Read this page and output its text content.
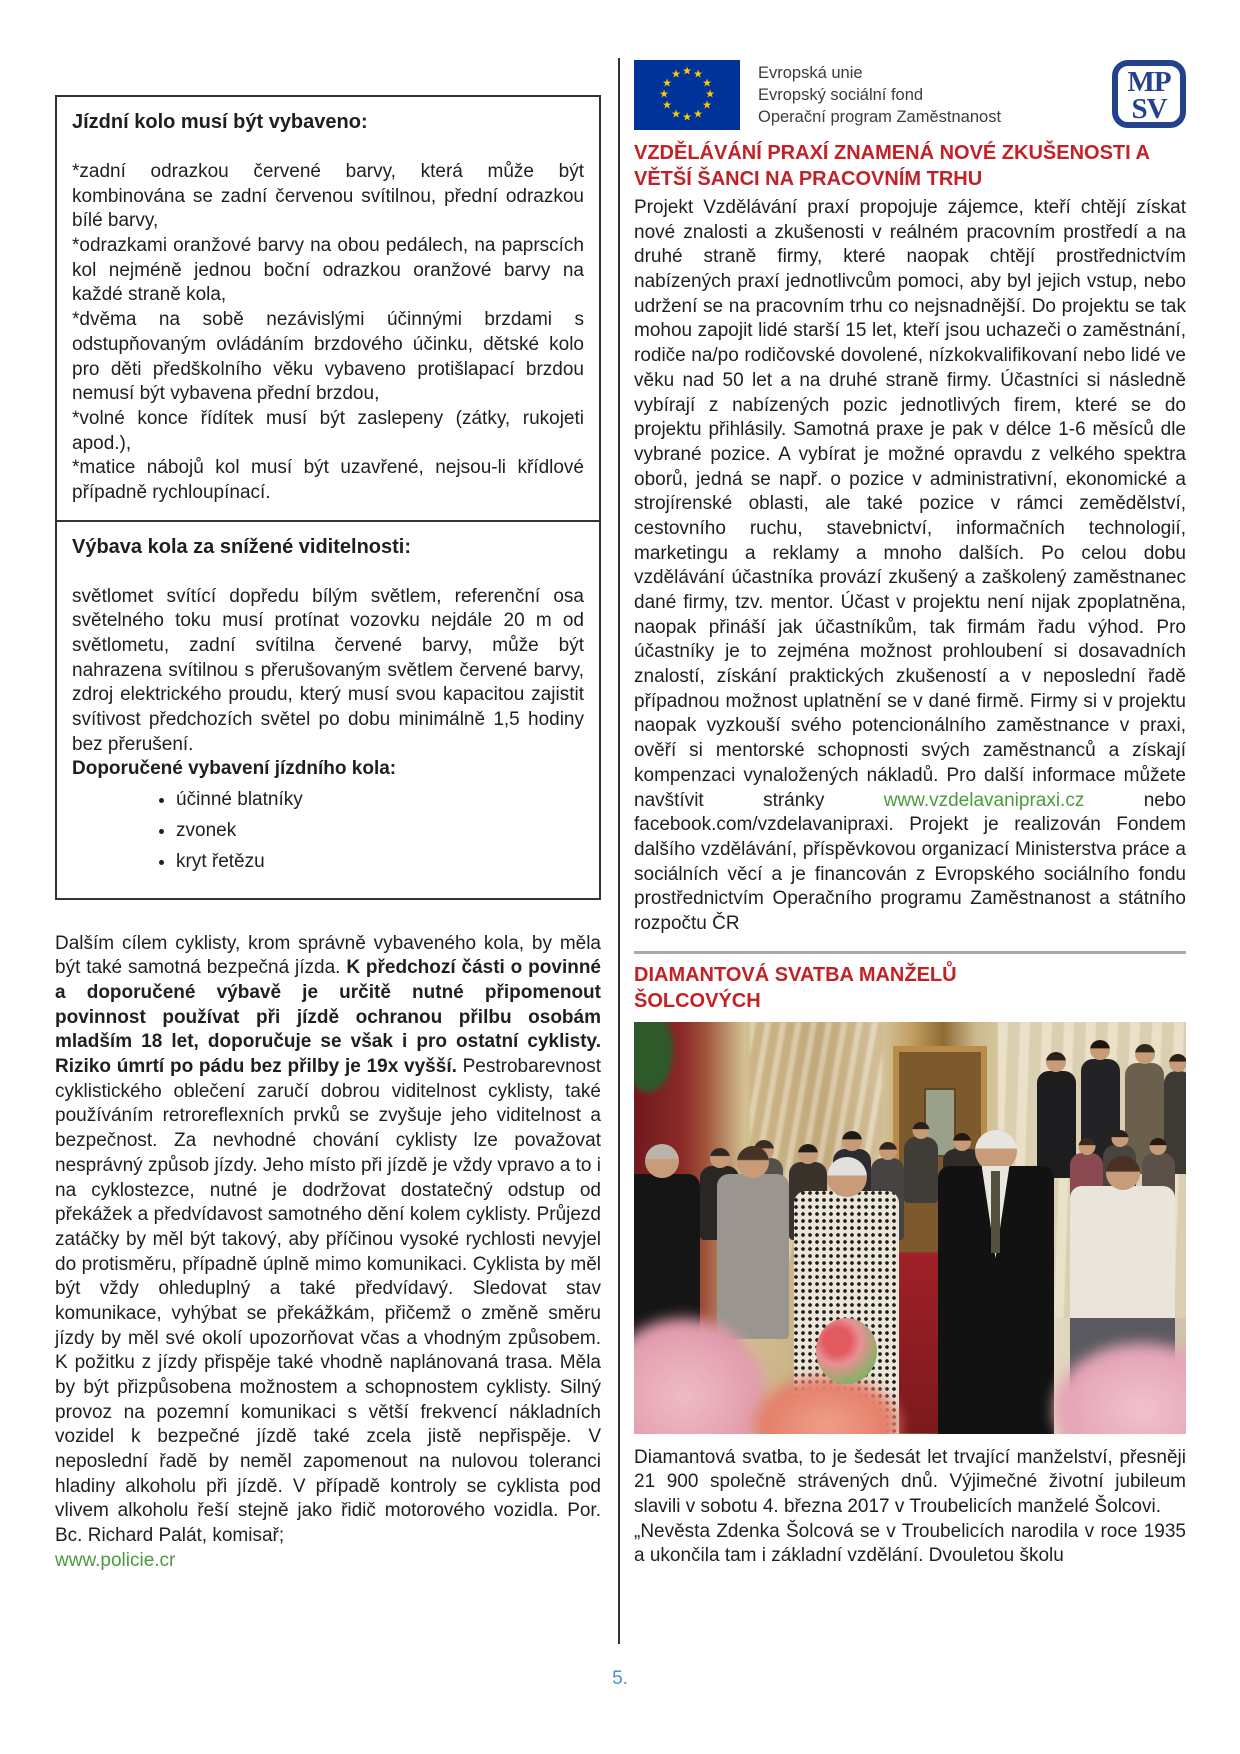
Jízdní kolo musí být vybaveno:

*zadní odrazkou červené barvy, která může být kombinována se zadní červenou svítilnou, přední odrazkou bílé barvy,

*odrazkami oranžové barvy na obou pedálech, na paprscích kol nejméně jednou boční odrazkou oranžové barvy na každé straně kola,

*dvěma na sobě nezávislými účinnými brzdami s odstupňovaným ovládáním brzdového účinku, dětské kolo pro děti předškolního věku vybaveno protišlapací brzdou nemusí být vybavena přední brzdou,

*volné konce řídítek musí být zaslepeny (zátky, rukojeti apod.),

*matice nábojů kol musí být uzavřené, nejsou-li křídlové případně rychloupínací.

Výbava kola za snížené viditelnosti:

světlomet svítící dopředu bílým světlem, referenční osa světelného toku musí protínat vozovku nejdále 20 m od světlometu, zadní svítilna červené barvy, může být nahrazena svítilnou s přerušovaným světlem červené barvy, zdroj elektrického proudu, který musí svou kapacitou zajistit svítivost předchozích světel po dobu minimálně 1,5 hodiny bez přerušení.

Doporučené vybavení jízdního kola:

• účinné blatníky
• zvonek
• kryt řetězu

Dalším cílem cyklisty, krom správně vybaveného kola, by měla být také samotná bezpečná jízda. K předchozí části o povinné a doporučené výbavě je určitě nutné připomenout povinnost používat při jízdě ochranou přilbu osobám mladším 18 let, doporučuje se však i pro ostatní cyklisty. Riziko úmrtí po pádu bez přilby je 19x vyšší. Pestrobarevnost cyklistického oblečení zaručí dobrou viditelnost cyklisty, také používáním retroreflexních prvků se zvyšuje jeho viditelnost a bezpečnost. Za nevhodné chování cyklisty lze považovat nesprávný způsob jízdy. Jeho místo při jízdě je vždy vpravo a to i na cyklostezce, nutné je dodržovat dostatečný odstup od překážek a předvídavost samotného dění kolem cyklisty. Průjezd zatáčky by měl být takový, aby příčinou vysoké rychlosti nevyjel do protisměru, případně úplně mimo komunikaci. Cyklista by měl být vždy ohleduplný a také předvídavý. Sledovat stav komunikace, vyhýbat se překážkám, přičemž o změně směru jízdy by měl své okolí upozorňovat včas a vhodným způsobem. K požitku z jízdy přispěje také vhodně naplánovaná trasa. Měla by být přizpůsobena možnostem a schopnostem cyklisty. Silný provoz na pozemní komunikaci s větší frekvencí nákladních vozidel k bezpečné jízdě také zcela jistě nepřispěje. V neposlední řadě by neměl zapomenout na nulovou toleranci hladiny alkoholu při jízdě. V případě kontroly se cyklista pod vlivem alkoholu řeší stejně jako řidič motorového vozidla. Por. Bc. Richard Palát, komisař;
www.policie.cr

★ ★
★
★
★
★
★
★
★
★
★
★	Evropská unie
Evropský sociální fond
Operační program Zaměstnanost
MP
SV
VZDĚLÁVÁNÍ PRAXÍ ZNAMENÁ NOVÉ ZKUŠENOSTI A VĚTŠÍ ŠANCI NA PRACOVNÍM TRHU

Projekt Vzdělávání praxí propojuje zájemce, kteří chtějí získat nové znalosti a zkušenosti v reálném pracovním prostředí a na druhé straně firmy, které naopak chtějí prostřednictvím nabízených praxí jednotlivcům pomoci, aby byl jejich vstup, nebo udržení se na pracovním trhu co nejsnadnější. Do projektu se tak mohou zapojit lidé starší 15 let, kteří jsou uchazeči o zaměstnání, rodiče na/po rodičovské dovolené, nízkokvalifikovaní nebo lidé ve věku nad 50 let a na druhé straně firmy. Účastníci si následně vybírají z nabízených pozic jednotlivých firem, které se do projektu přihlásily. Samotná praxe je pak v délce 1-6 měsíců dle vybrané pozice. A vybírat je možné opravdu z velkého spektra oborů, jedná se např. o pozice v administrativní, ekonomické a strojírenské oblasti, ale také pozice v rámci zemědělství, cestovního ruchu, stavebnictví, informačních technologií, marketingu a reklamy a mnoho dalších. Po celou dobu vzdělávání účastníka provází zkušený a zaškolený zaměstnanec dané firmy, tzv. mentor. Účast v projektu není nijak zpoplatněna, naopak přináší jak účastníkům, tak firmám řadu výhod. Pro účastníky je to zejména možnost prohloubení si dosavadních znalostí, získání praktických zkušeností a v neposlední řadě případnou možnost uplatnění se v dané firmě. Firmy si v projektu naopak vyzkouší svého potencionálního zaměstnance v praxi, ověří si mentorské schopnosti svých zaměstnanců a získají kompenzaci vynaložených nákladů. Pro další informace můžete navštívit stránky www.vzdelavanipraxi.cz nebo facebook.com/vzdelavanipraxi. Projekt je realizován Fondem dalšího vzdělávání, příspěvkovou organizací Ministerstva práce a sociálních věcí a je financován z Evropského sociálního fondu prostřednictvím Operačního programu Zaměstnanost a státního rozpočtu ČR

DIAMANTOVÁ SVATBA MANŽELŮ ŠOLCOVÝCH

Diamantová svatba, to je šedesát let trvající manželství, přesněji 21 900 společně strávených dnů. Výjimečné životní jubileum slavili v sobotu 4. března 2017 v Troubelicích manželé Šolcovi.

„Nevěsta Zdenka Šolcová se v Troubelicích narodila v roce 1935 a ukončila tam i základní vzdělání. Dvouletou školu

5.
